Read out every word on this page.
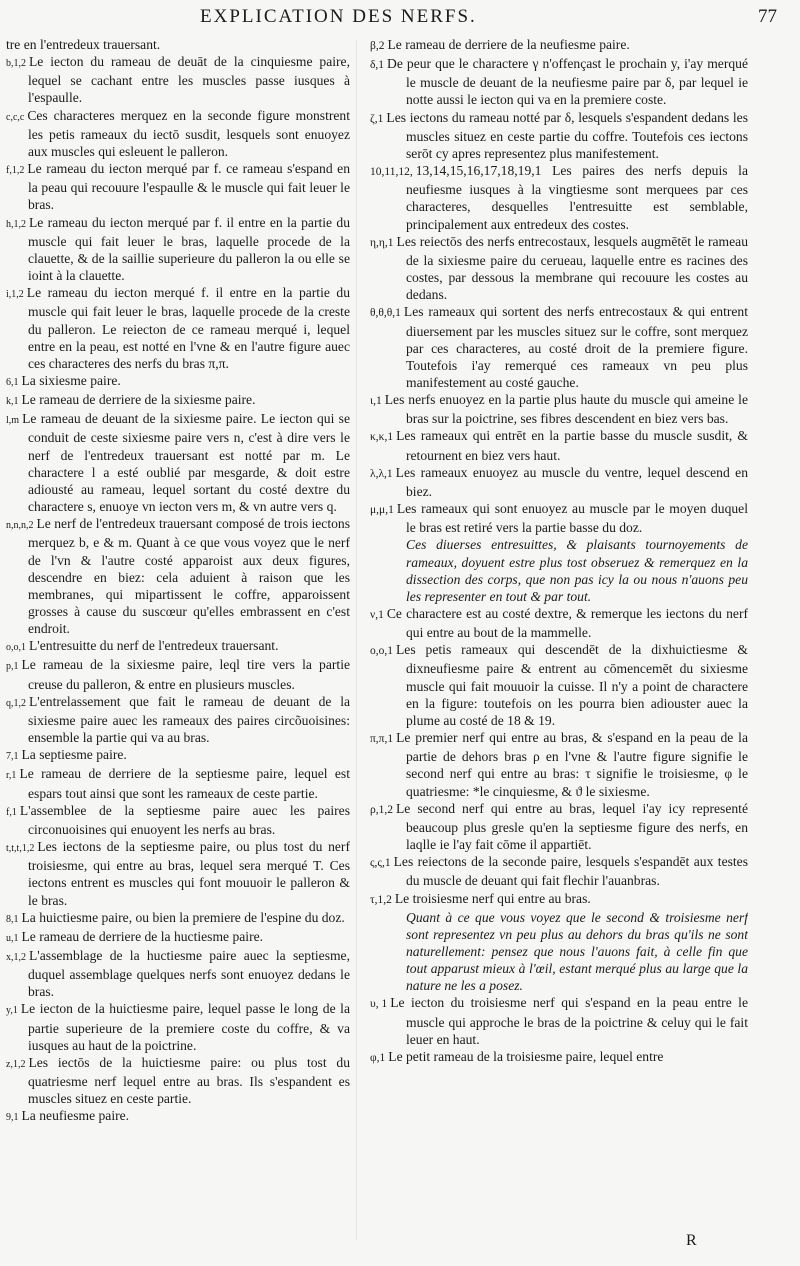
EXPLICATION DES NERFS.	77

tre en l'entredeux trauersant.

b,1,2 Le iecton du rameau de deuāt de la cinquiesme paire, lequel se cachant entre les muscles passe iusques à l'espaulle.

c,c,c Ces characteres merquez en la seconde figure monstrent les petis rameaux du iectō susdit, lesquels sont enuoyez aux muscles qui esleuent le palleron.

f,1,2 Le rameau du iecton merqué par f. ce rameau s'espand en la peau qui recouure l'espaulle & le muscle qui fait leuer le bras.

h,1,2 Le rameau du iecton merqué par f. il entre en la partie du muscle qui fait leuer le bras, laquelle procede de la clauette, & de la saillie superieure du palleron la ou elle se ioint à la clauette.

i,1,2 Le rameau du iecton merqué f. il entre en la partie du muscle qui fait leuer le bras, laquelle procede de la creste du palleron. Le reiecton de ce rameau merqué i, lequel entre en la peau, est notté en l'vne & en l'autre figure auec ces characteres des nerfs du bras π,π.

6,1 La sixiesme paire.

k,1 Le rameau de derriere de la sixiesme paire.

l,m Le rameau de deuant de la sixiesme paire. Le iecton qui se conduit de ceste sixiesme paire vers n, c'est à dire vers le nerf de l'entredeux trauersant est notté par m. Le charactere l a esté oublié par mesgarde, & doit estre adiousté au rameau, lequel sortant du costé dextre du charactere s, enuoye vn iecton vers m, & vn autre vers q.

n,n,n,2 Le nerf de l'entredeux trauersant composé de trois iectons merquez b, e & m. Quant à ce que vous voyez que le nerf de l'vn & l'autre costé apparoist aux deux figures, descendre en biez: cela aduient à raison que les membranes, qui mipartissent le coffre, apparoissent grosses à cause du suscœur qu'elles embrassent en c'est endroit.

o,o,1 L'entresuitte du nerf de l'entredeux trauersant.

p,1 Le rameau de la sixiesme paire, leql tire vers la partie creuse du palleron, & entre en plusieurs muscles.

q,1,2 L'entrelassement que fait le rameau de deuant de la sixiesme paire auec les rameaux des paires circõuoisines: ensemble la partie qui va au bras.

7,1 La septiesme paire.

r,1 Le rameau de derriere de la septiesme paire, lequel est espars tout ainsi que sont les rameaux de ceste partie.

f,1 L'assemblee de la septiesme paire auec les paires circonuoisines qui enuoyent les nerfs au bras.

t,t,t,1,2 Les iectons de la septiesme paire, ou plus tost du nerf troisiesme, qui entre au bras, lequel sera merqué T. Ces iectons entrent es muscles qui font mouuoir le palleron & le bras.

8,1 La huictiesme paire, ou bien la premiere de l'espine du doz.

u,1 Le rameau de derriere de la huctiesme paire.

x,1,2 L'assemblage de la huctiesme paire auec la septiesme, duquel assemblage quelques nerfs sont enuoyez dedans le bras.

y,1 Le iecton de la huictiesme paire, lequel passe le long de la partie superieure de la premiere coste du coffre, & va iusques au haut de la poictrine.

z,1,2 Les iectōs de la huictiesme paire: ou plus tost du quatriesme nerf lequel entre au bras. Ils s'espandent es muscles situez en ceste partie.

9,1 La neufiesme paire.

β,2 Le rameau de derriere de la neufiesme paire.

δ,1 De peur que le charactere γ n'offençast le prochain y, i'ay merqué le muscle de deuant de la neufiesme paire par δ, par lequel ie notte aussi le iecton qui va en la premiere coste.

ζ,1 Les iectons du rameau notté par δ, lesquels s'espandent dedans les muscles situez en ceste partie du coffre. Toutefois ces iectons serōt cy apres representez plus manifestement.

10,11,12, 13,14,15,16,17,18,19,1 Les paires des nerfs depuis la neufiesme iusques à la vingtiesme sont merquees par ces characteres, desquelles l'entresuitte est semblable, principalement aux entredeux des costes.

η,η,1 Les reiectōs des nerfs entrecostaux, lesquels augmētēt le rameau de la sixiesme paire du cerueau, laquelle entre es racines des costes, par dessous la membrane qui recouure les costes au dedans.

θ,θ,θ,1 Les rameaux qui sortent des nerfs entrecostaux & qui entrent diuersement par les muscles situez sur le coffre, sont merquez par ces characteres, au costé droit de la premiere figure. Toutefois i'ay remerqué ces rameaux vn peu plus manifestement au costé gauche.

ι,1 Les nerfs enuoyez en la partie plus haute du muscle qui ameine le bras sur la poictrine, ses fibres descendent en biez vers bas.

κ,κ,1 Les rameaux qui entrēt en la partie basse du muscle susdit, & retournent en biez vers haut.

λ,λ,1 Les rameaux enuoyez au muscle du ventre, lequel descend en biez.

μ,μ,1 Les rameaux qui sont enuoyez au muscle par le moyen duquel le bras est retiré vers la partie basse du doz.

Ces diuerses entresuittes, & plaisants tournoyements de rameaux, doyuent estre plus tost obseruez & remerquez en la dissection des corps, que non pas icy la ou nous n'auons peu les representer en tout & par tout.

ν,1 Ce charactere est au costé dextre, & remerque les iectons du nerf qui entre au bout de la mammelle.

ο,ο,1 Les petis rameaux qui descendēt de la dixhuictiesme & dixneufiesme paire & entrent au cōmencemēt du sixiesme muscle qui fait mouuoir la cuisse. Il n'y a point de charactere en la figure: toutefois on les pourra bien adiouster auec la plume au costé de 18 & 19.

π,π,1 Le premier nerf qui entre au bras, & s'espand en la peau de la partie de dehors bras ρ en l'vne & l'autre figure signifie le second nerf qui entre au bras: τ signifie le troisiesme, φ le quatriesme: *le cinquiesme, & ϑ le sixiesme.

ρ,1,2 Le second nerf qui entre au bras, lequel i'ay icy representé beaucoup plus gresle qu'en la septiesme figure des nerfs, en laqlle ie l'ay fait cōme il appartiēt.

ς,ς,1 Les reiectons de la seconde paire, lesquels s'espandēt aux testes du muscle de deuant qui fait flechir l'auanbras.

τ,1,2 Le troisiesme nerf qui entre au bras.

Quant à ce que vous voyez que le second & troisiesme nerf sont representez vn peu plus au dehors du bras qu'ils ne sont naturellement: pensez que nous l'auons fait, à celle fin que tout apparust mieux à l'œil, estant merqué plus au large que la nature ne les a posez.

υ, 1 Le iecton du troisiesme nerf qui s'espand en la peau entre le muscle qui approche le bras de la poictrine & celuy qui le fait leuer en haut.

φ,1 Le petit rameau de la troisiesme paire, lequel entre

R
